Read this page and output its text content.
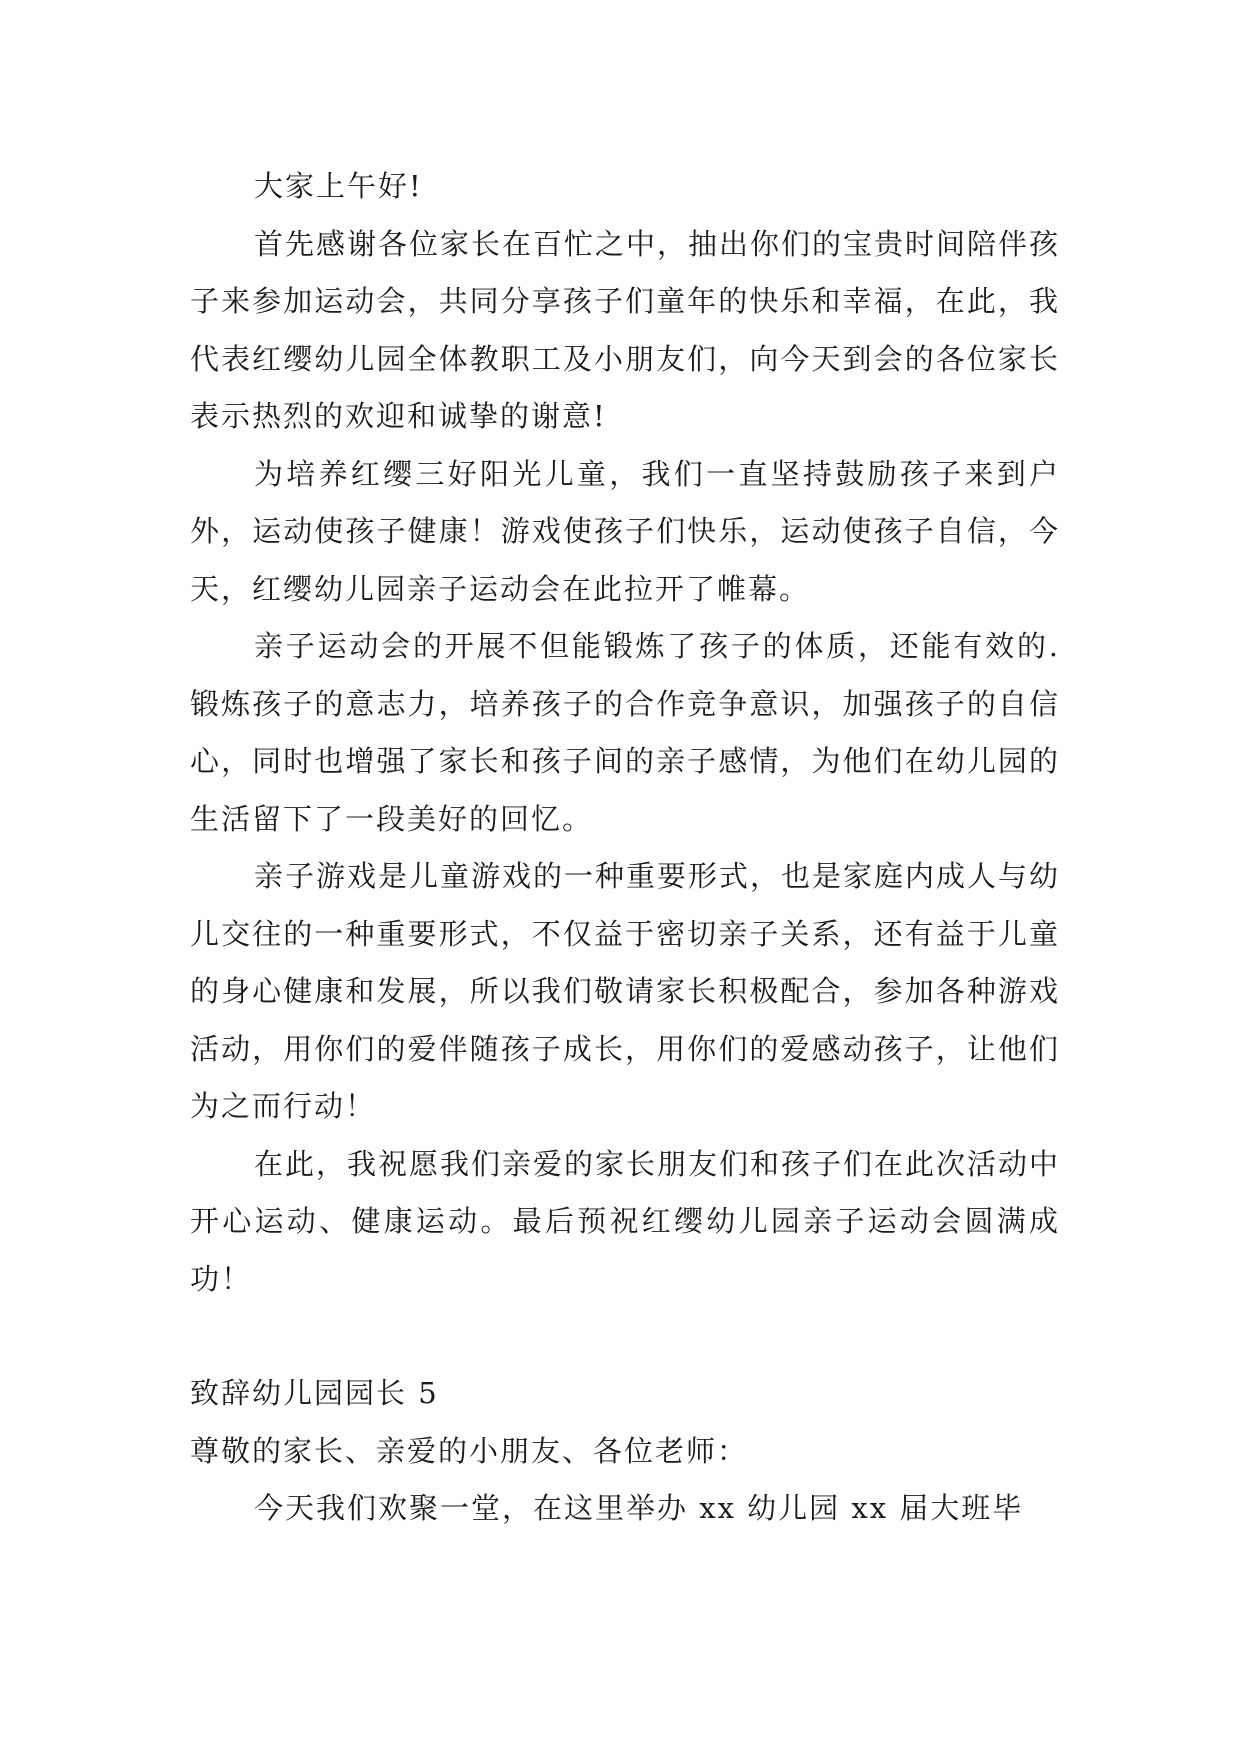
大家上午好!

首先感谢各位家长在百忙之中，抽出你们的宝贵时间陪伴孩子来参加运动会，共同分享孩子们童年的快乐和幸福，在此，我代表红缨幼儿园全体教职工及小朋友们，向今天到会的各位家长表示热烈的欢迎和诚挚的谢意!

为培养红缨三好阳光儿童，我们一直坚持鼓励孩子来到户外，运动使孩子健康！游戏使孩子们快乐，运动使孩子自信，今天，红缨幼儿园亲子运动会在此拉开了帷幕。

亲子运动会的开展不但能锻炼了孩子的体质，还能有效的.锻炼孩子的意志力，培养孩子的合作竞争意识，加强孩子的自信心，同时也增强了家长和孩子间的亲子感情，为他们在幼儿园的生活留下了一段美好的回忆。

亲子游戏是儿童游戏的一种重要形式，也是家庭内成人与幼儿交往的一种重要形式，不仅益于密切亲子关系，还有益于儿童的身心健康和发展，所以我们敬请家长积极配合，参加各种游戏活动，用你们的爱伴随孩子成长，用你们的爱感动孩子，让他们为之而行动！

在此，我祝愿我们亲爱的家长朋友们和孩子们在此次活动中开心运动、健康运动。最后预祝红缨幼儿园亲子运动会圆满成功！

致辞幼儿园园长 5

尊敬的家长、亲爱的小朋友、各位老师：

今天我们欢聚一堂，在这里举办 xx 幼儿园 xx 届大班毕
